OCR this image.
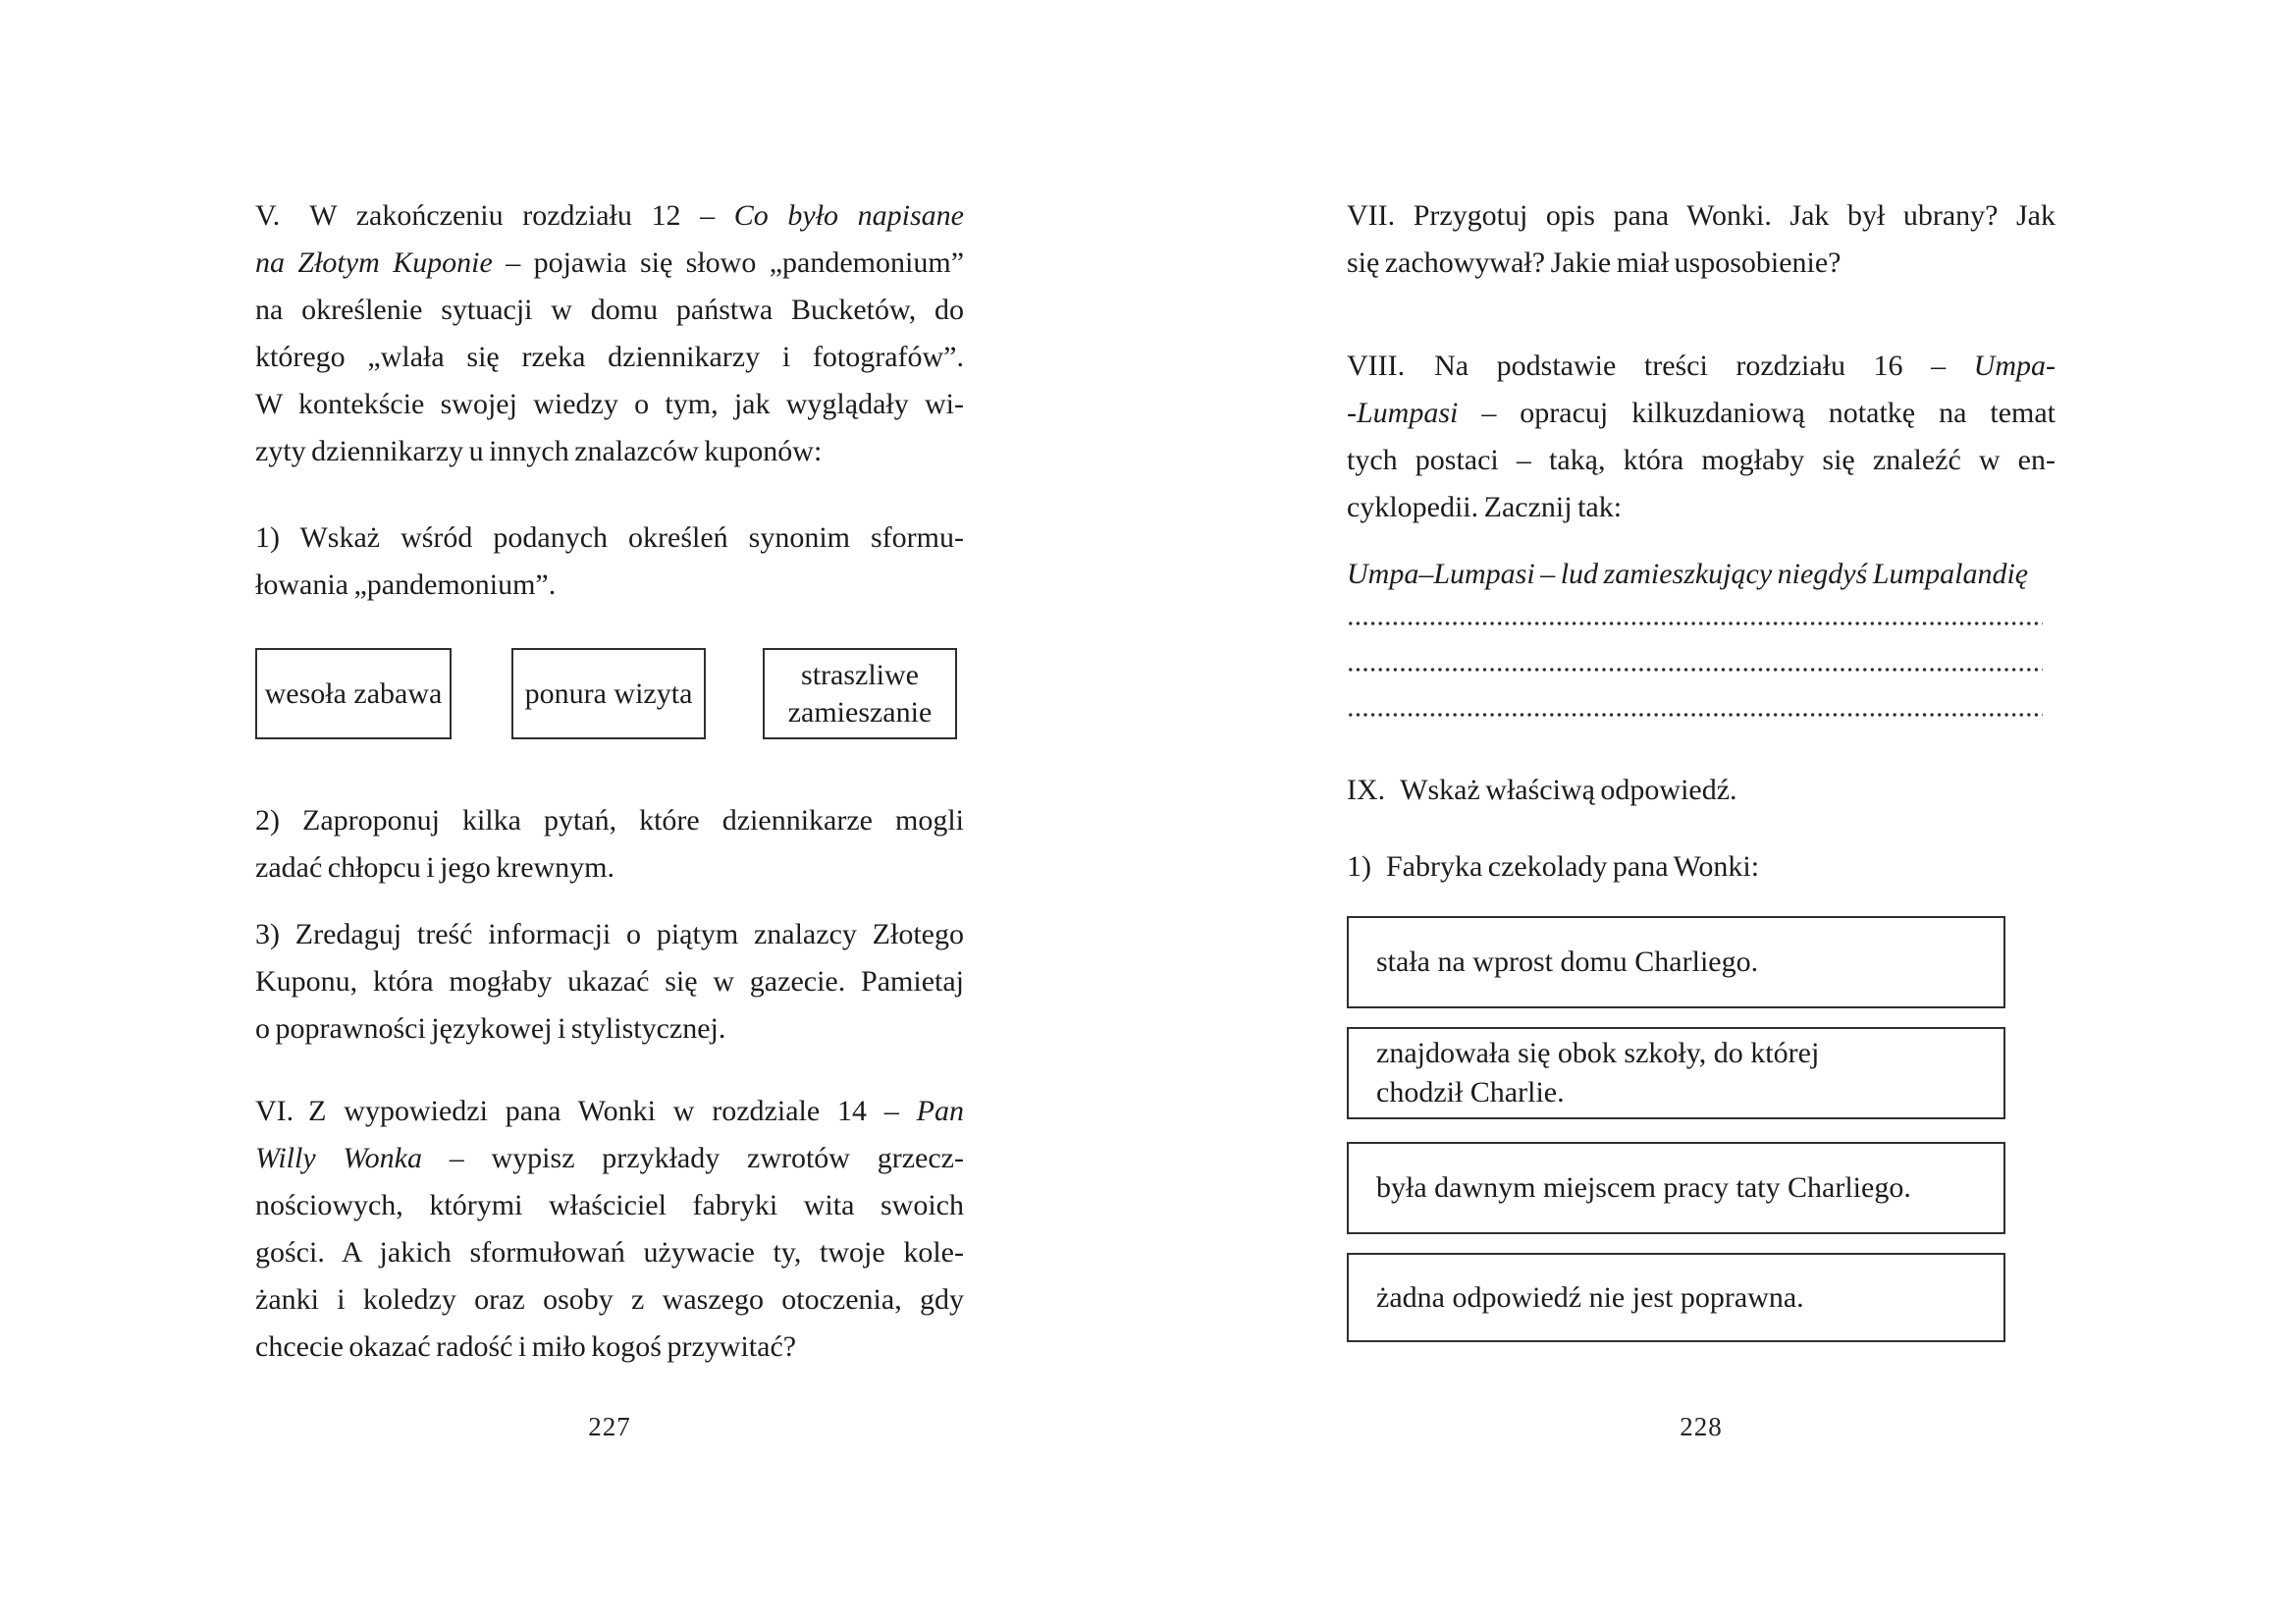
V.  W zakończeniu rozdziału 12 – Co było napisane
na Złotym Kuponie – pojawia się słowo „pandemonium”
na określenie sytuacji w domu państwa Bucketów, do
którego „wlała się rzeka dziennikarzy i fotografów”.
W kontekście swojej wiedzy o tym, jak wyglądały wi-
zyty dziennikarzy u innych znalazców kuponów:
1) Wskaż wśród podanych określeń synonim sformu-
łowania „pandemonium”.
wesoła zabawa	ponura wizyta
straszliwe zamieszanie
2) Zaproponuj kilka pytań, które dziennikarze mogli
zadać chłopcu i jego krewnym.
3) Zredaguj treść informacji o piątym znalazcy Złotego
Kuponu, która mogłaby ukazać się w gazecie. Pamietaj
o poprawności językowej i stylistycznej.
VI. Z wypowiedzi pana Wonki w rozdziale 14 – Pan
Willy Wonka – wypisz przykłady zwrotów grzecz-
nościowych, którymi właściciel fabryki wita swoich
gości. A jakich sformułowań używacie ty, twoje kole-
żanki i koledzy oraz osoby z waszego otoczenia, gdy
chcecie okazać radość i miło kogoś przywitać?
227
VII. Przygotuj opis pana Wonki. Jak był ubrany? Jak
się zachowywał? Jakie miał usposobienie?
VIII.  Na podstawie treści rozdziału 16 – Umpa-
-Lumpasi – opracuj kilkuzdaniową notatkę na temat
tych postaci – taką, która mogłaby się znaleźć w en-
cyklopedii. Zacznij tak:
Umpa–Lumpasi – lud zamieszkujący niegdyś Lumpalandię
IX. Wskaż właściwą odpowiedź.
1) Fabryka czekolady pana Wonki:
stała na wprost domu Charliego.
znajdowała się obok szkoły, do której
chodził Charlie.
była dawnym miejscem pracy taty Charliego.
żadna odpowiedź nie jest poprawna.
228
